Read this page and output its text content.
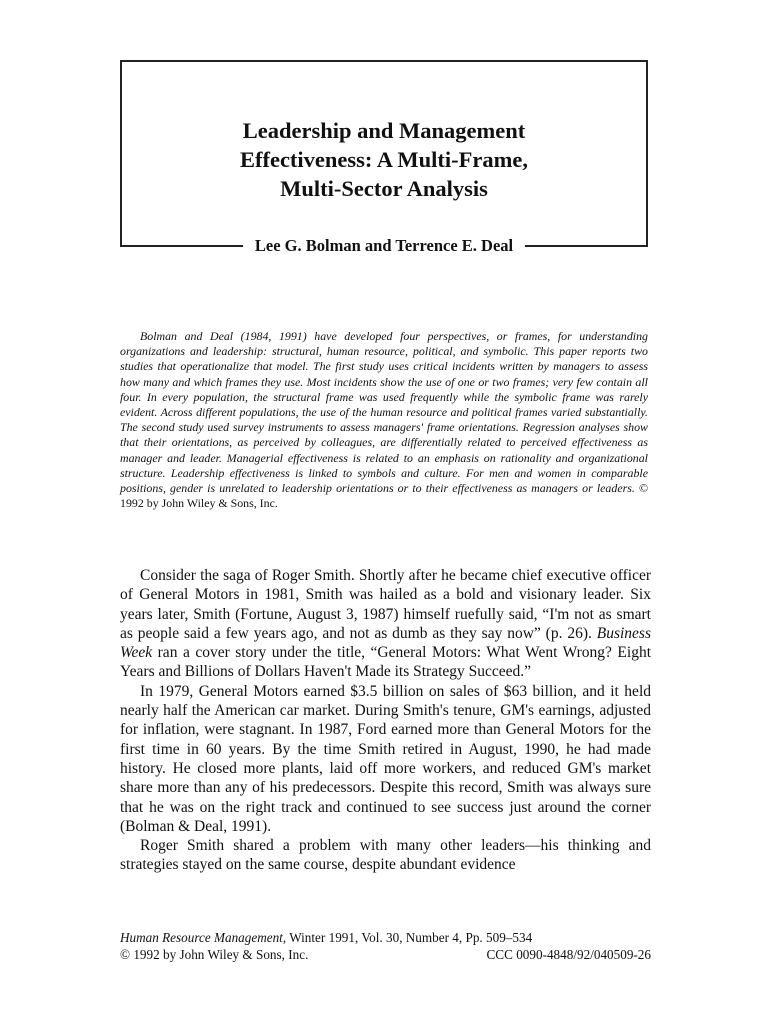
Leadership and Management
Effectiveness: A Multi-Frame,
Multi-Sector Analysis
Lee G. Bolman and Terrence E. Deal

Bolman and Deal (1984, 1991) have developed four perspectives, or frames, for understanding organizations and leadership: structural, human resource, political, and symbolic. This paper reports two studies that operationalize that model. The first study uses critical incidents written by managers to assess how many and which frames they use. Most incidents show the use of one or two frames; very few contain all four. In every population, the structural frame was used frequently while the symbolic frame was rarely evident. Across different populations, the use of the human resource and political frames varied substantially. The second study used survey instruments to assess managers' frame orientations. Regression analyses show that their orientations, as perceived by colleagues, are differentially related to perceived effectiveness as manager and leader. Managerial effectiveness is related to an emphasis on rationality and organizational structure. Leadership effectiveness is linked to symbols and culture. For men and women in comparable positions, gender is unrelated to leadership orientations or to their effectiveness as managers or leaders. © 1992 by John Wiley & Sons, Inc.

Consider the saga of Roger Smith. Shortly after he became chief executive officer of General Motors in 1981, Smith was hailed as a bold and visionary leader. Six years later, Smith (Fortune, August 3, 1987) himself ruefully said, “I'm not as smart as people said a few years ago, and not as dumb as they say now” (p. 26). Business Week ran a cover story under the title, “General Motors: What Went Wrong? Eight Years and Billions of Dollars Haven't Made its Strategy Succeed.”

In 1979, General Motors earned $3.5 billion on sales of $63 billion, and it held nearly half the American car market. During Smith's tenure, GM's earnings, adjusted for inflation, were stagnant. In 1987, Ford earned more than General Motors for the first time in 60 years. By the time Smith retired in August, 1990, he had made history. He closed more plants, laid off more workers, and reduced GM's market share more than any of his predecessors. Despite this record, Smith was always sure that he was on the right track and continued to see success just around the corner (Bolman & Deal, 1991).

Roger Smith shared a problem with many other leaders—his thinking and strategies stayed on the same course, despite abundant evidence

Human Resource Management, Winter 1991, Vol. 30, Number 4, Pp. 509–534
© 1992 by John Wiley & Sons, Inc.	CCC 0090-4848/92/040509-26
